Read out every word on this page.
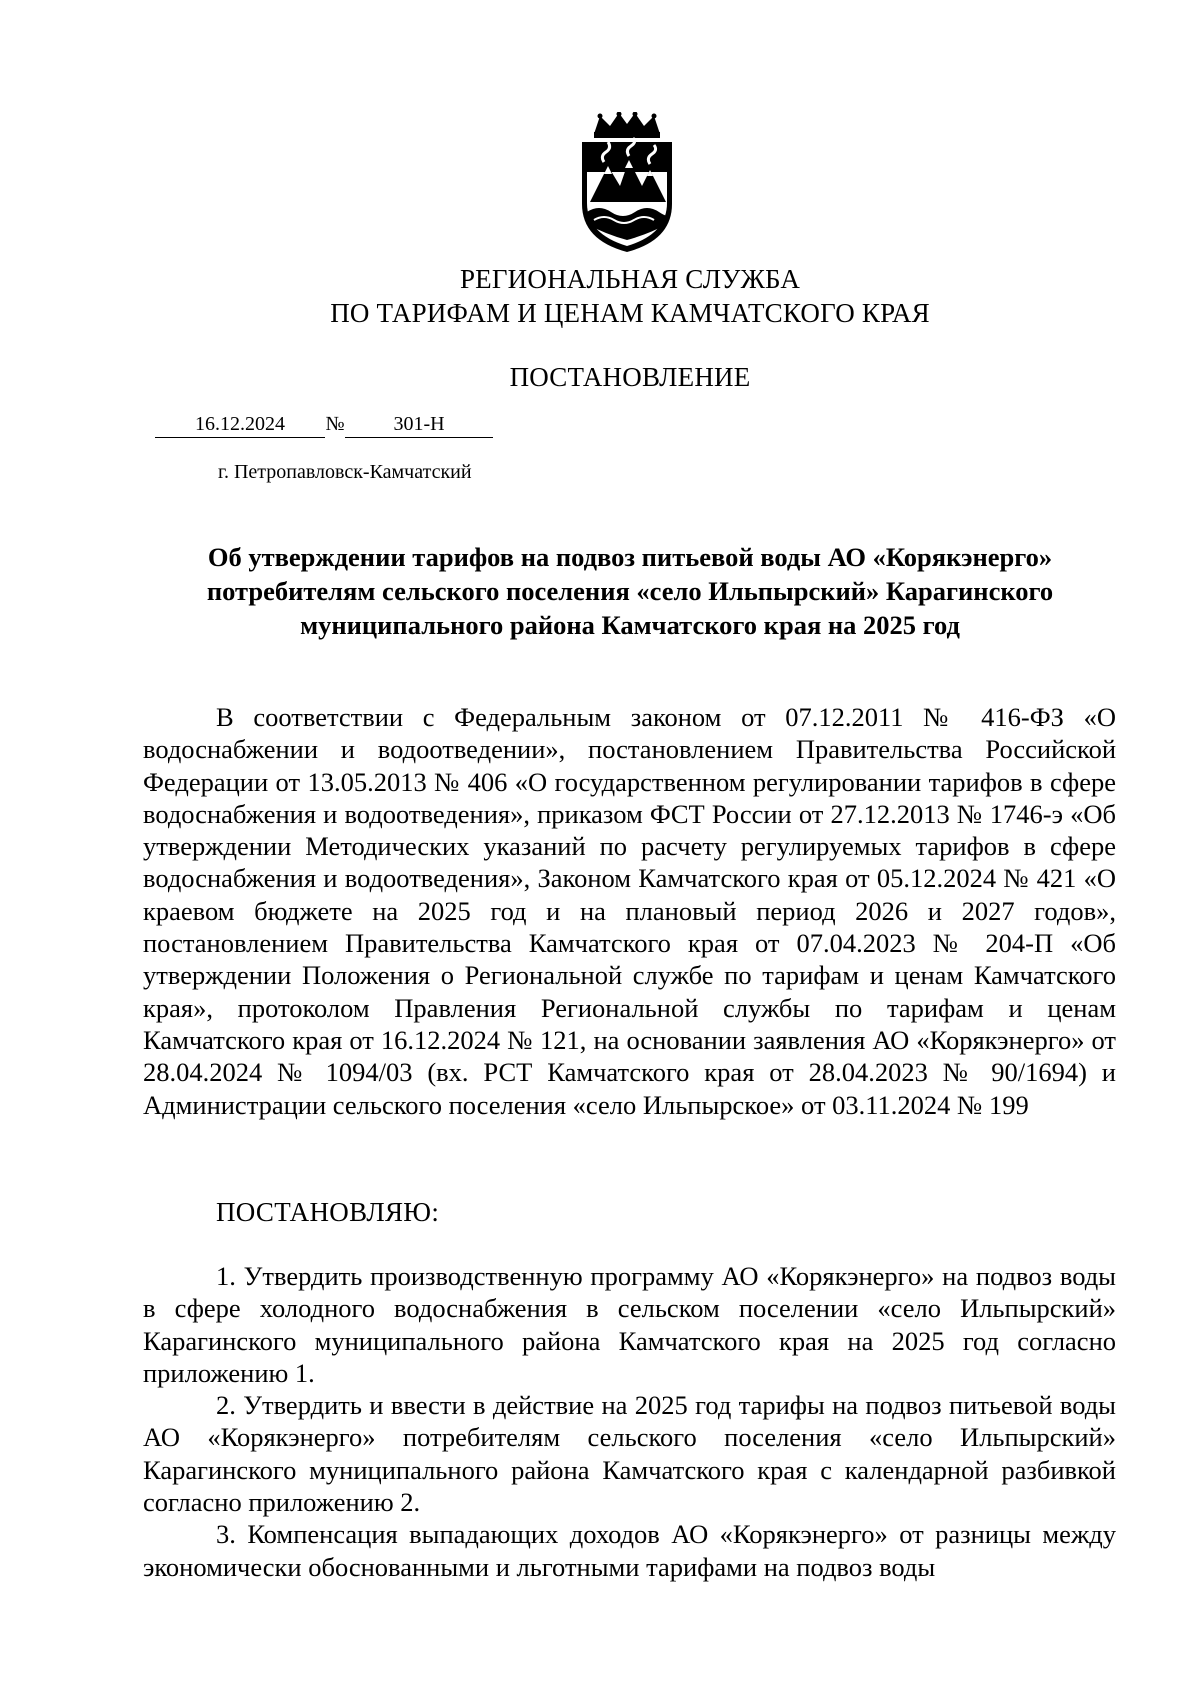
РЕГИОНАЛЬНАЯ СЛУЖБА
ПО ТАРИФАМ И ЦЕНАМ КАМЧАТСКОГО КРАЯ
ПОСТАНОВЛЕНИЕ
16.12.2024 № 301-Н
г. Петропавловск-Камчатский
Об утверждении тарифов на подвоз питьевой воды АО «Корякэнерго» потребителям сельского поселения «село Ильпырский» Карагинского муниципального района Камчатского края на 2025 год

В соответствии с Федеральным законом от 07.12.2011 № 416-ФЗ «О водоснабжении и водоотведении», постановлением Правительства Российской Федерации от 13.05.2013 № 406 «О государственном регулировании тарифов в сфере водоснабжения и водоотведения», приказом ФСТ России от 27.12.2013 № 1746-э «Об утверждении Методических указаний по расчету регулируемых тарифов в сфере водоснабжения и водоотведения», Законом Камчатского края от 05.12.2024 № 421 «О краевом бюджете на 2025 год и на плановый период 2026 и 2027 годов», постановлением Правительства Камчатского края от 07.04.2023 № 204-П «Об утверждении Положения о Региональной службе по тарифам и ценам Камчатского края», протоколом Правления Региональной службы по тарифам и ценам Камчатского края от 16.12.2024 № 121, на основании заявления АО «Корякэнерго» от 28.04.2024 № 1094/03 (вх. РСТ Камчатского края от 28.04.2023 № 90/1694) и Администрации сельского поселения «село Ильпырское» от 03.11.2024 № 199

ПОСТАНОВЛЯЮ:

1. Утвердить производственную программу АО «Корякэнерго» на подвоз воды в сфере холодного водоснабжения в сельском поселении «село Ильпырский» Карагинского муниципального района Камчатского края на 2025 год согласно приложению 1.

2. Утвердить и ввести в действие на 2025 год тарифы на подвоз питьевой воды АО «Корякэнерго» потребителям сельского поселения «село Ильпырский» Карагинского муниципального района Камчатского края с календарной разбивкой согласно приложению 2.

3. Компенсация выпадающих доходов АО «Корякэнерго» от разницы между экономически обоснованными и льготными тарифами на подвоз воды
